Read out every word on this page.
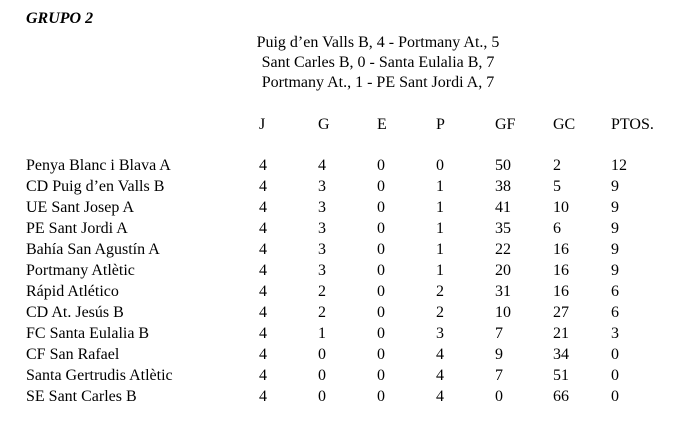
GRUPO 2
Puig d’en Valls B, 4 - Portmany At., 5
Sant Carles B, 0 - Santa Eulalia B, 7
Portmany At., 1 - PE Sant Jordi A, 7
J	G	E	P	GF GC PTOS.
Penya Blanc i Blava A	4	4	0	0	50	2	12
CD Puig d’en Valls B	4	3	0	1	38	5	9
UE Sant Josep A	4	3	0	1	41	10	9
PE Sant Jordi A	4	3	0	1	35	6	9
Bahía San Agustín A	4	3	0	1	22	16	9
Portmany Atlètic	4	3	0	1	20	16	9
Rápid Atlético	4	2	0	2	31	16	6
CD At. Jesús B	4	2	0	2	10	27	6
FC Santa Eulalia B	4	1	0	3	7	21	3
CF San Rafael	4	0	0	4	9	34	0
Santa Gertrudis Atlètic	4	0	0	4	7	51	0
SE Sant Carles B	4	0	0	4	0	66	0
